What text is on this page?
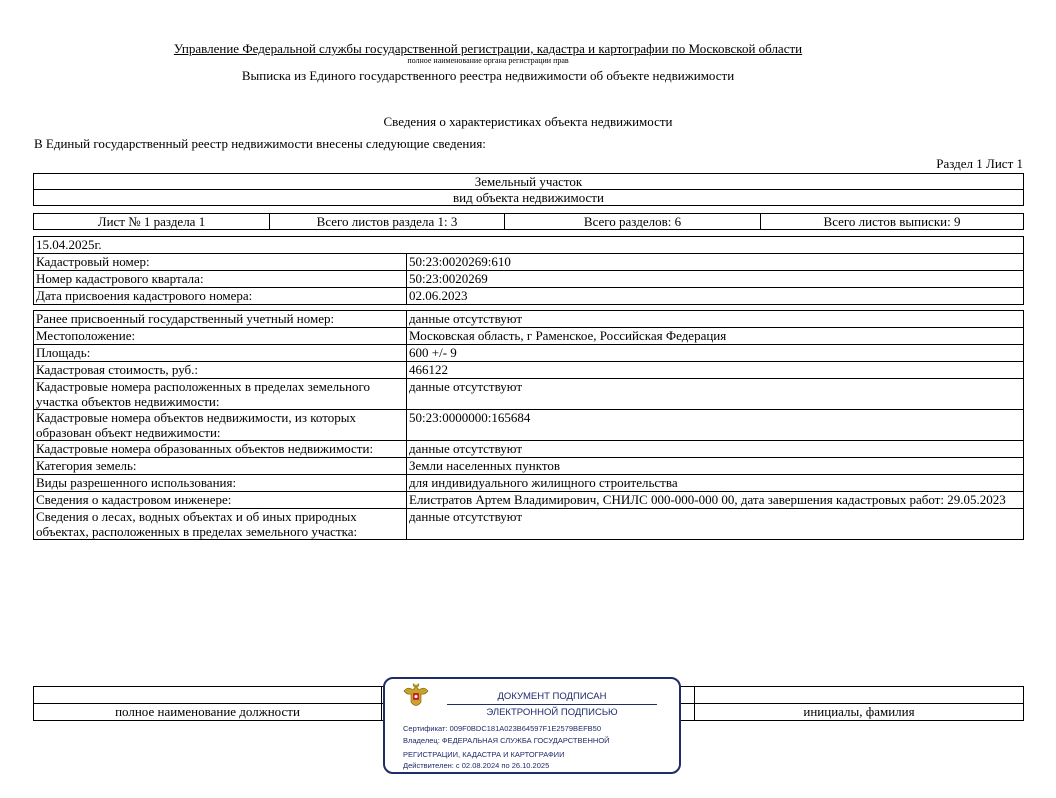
Управление Федеральной службы государственной регистрации, кадастра и картографии по Московской области
полное наименование органа регистрации прав
Выписка из Единого государственного реестра недвижимости об объекте недвижимости
Сведения о характеристиках объекта недвижимости
В Единый государственный реестр недвижимости внесены следующие сведения:
Раздел 1 Лист 1
Земельный участок
вид объекта недвижимости
Лист № 1 раздела 1	Всего листов раздела 1: 3	Всего разделов: 6	Всего листов выписки: 9
15.04.2025г.	
Кадастровый номер:	50:23:0020269:610
Номер кадастрового квартала:	50:23:0020269
Дата присвоения кадастрового номера:	02.06.2023
Ранее присвоенный государственный учетный номер:	данные отсутствуют
Местоположение:	Московская область, г Раменское, Российская Федерация
Площадь:	600 +/- 9
Кадастровая стоимость, руб.:	466122
Кадастровые номера расположенных в пределах земельного участка объектов недвижимости:	данные отсутствуют
Кадастровые номера объектов недвижимости, из которых образован объект недвижимости:	50:23:0000000:165684
Кадастровые номера образованных объектов недвижимости:	данные отсутствуют
Категория земель:	Земли населенных пунктов
Виды разрешенного использования:	для индивидуального жилищного строительства
Сведения о кадастровом инженере:	Елистратов Артем Владимирович, СНИЛС 000-000-000 00, дата завершения кадастровых работ: 29.05.2023
Сведения о лесах, водных объектах и об иных природных объектах, расположенных в пределах земельного участка:	данные отсутствуют

полное наименование должности		инициалы, фамилия
ДОКУМЕНТ ПОДПИСАН
ЭЛЕКТРОННОЙ ПОДПИСЬЮ
Сертификат: 009F0BDC181A023B64597F1E2579BEFB50
Владелец: ФЕДЕРАЛЬНАЯ СЛУЖБА ГОСУДАРСТВЕННОЙ
РЕГИСТРАЦИИ, КАДАСТРА И КАРТОГРАФИИ
Действителен: с 02.08.2024 по 26.10.2025
